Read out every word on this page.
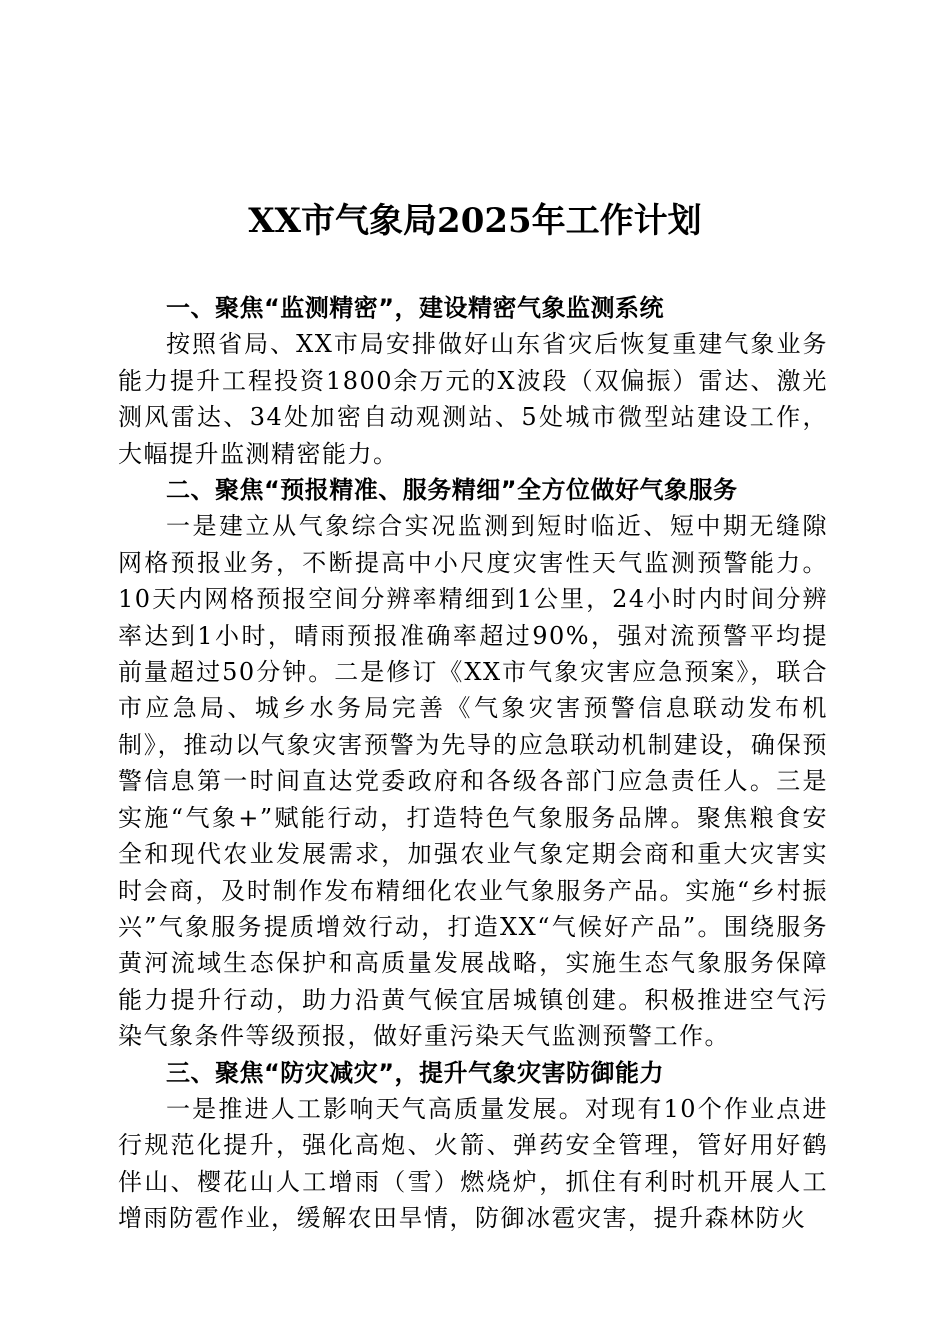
XX市气象局2025年工作计划

一、聚焦“监测精密”，建设精密气象监测系统

按照省局、XX市局安排做好山东省灾后恢复重建气象业务能力提升工程投资1800余万元的X波段（双偏振）雷达、激光测风雷达、34处加密自动观测站、5处城市微型站建设工作，大幅提升监测精密能力。

二、聚焦“预报精准、服务精细”全方位做好气象服务

一是建立从气象综合实况监测到短时临近、短中期无缝隙网格预报业务，不断提高中小尺度灾害性天气监测预警能力。10天内网格预报空间分辨率精细到1公里，24小时内时间分辨率达到1小时，晴雨预报准确率超过90%，强对流预警平均提前量超过50分钟。二是修订《XX市气象灾害应急预案》，联合市应急局、城乡水务局完善《气象灾害预警信息联动发布机制》，推动以气象灾害预警为先导的应急联动机制建设，确保预警信息第一时间直达党委政府和各级各部门应急责任人。三是实施“气象+”赋能行动，打造特色气象服务品牌。聚焦粮食安全和现代农业发展需求，加强农业气象定期会商和重大灾害实时会商，及时制作发布精细化农业气象服务产品。实施“乡村振兴”气象服务提质增效行动，打造XX“气候好产品”。围绕服务黄河流域生态保护和高质量发展战略，实施生态气象服务保障能力提升行动，助力沿黄气候宜居城镇创建。积极推进空气污染气象条件等级预报，做好重污染天气监测预警工作。

三、聚焦“防灾减灾”，提升气象灾害防御能力

一是推进人工影响天气高质量发展。对现有10个作业点进行规范化提升，强化高炮、火箭、弹药安全管理，管好用好鹤伴山、樱花山人工增雨（雪）燃烧炉，抓住有利时机开展人工增雨防雹作业，缓解农田旱情，防御冰雹灾害，提升森林防火
